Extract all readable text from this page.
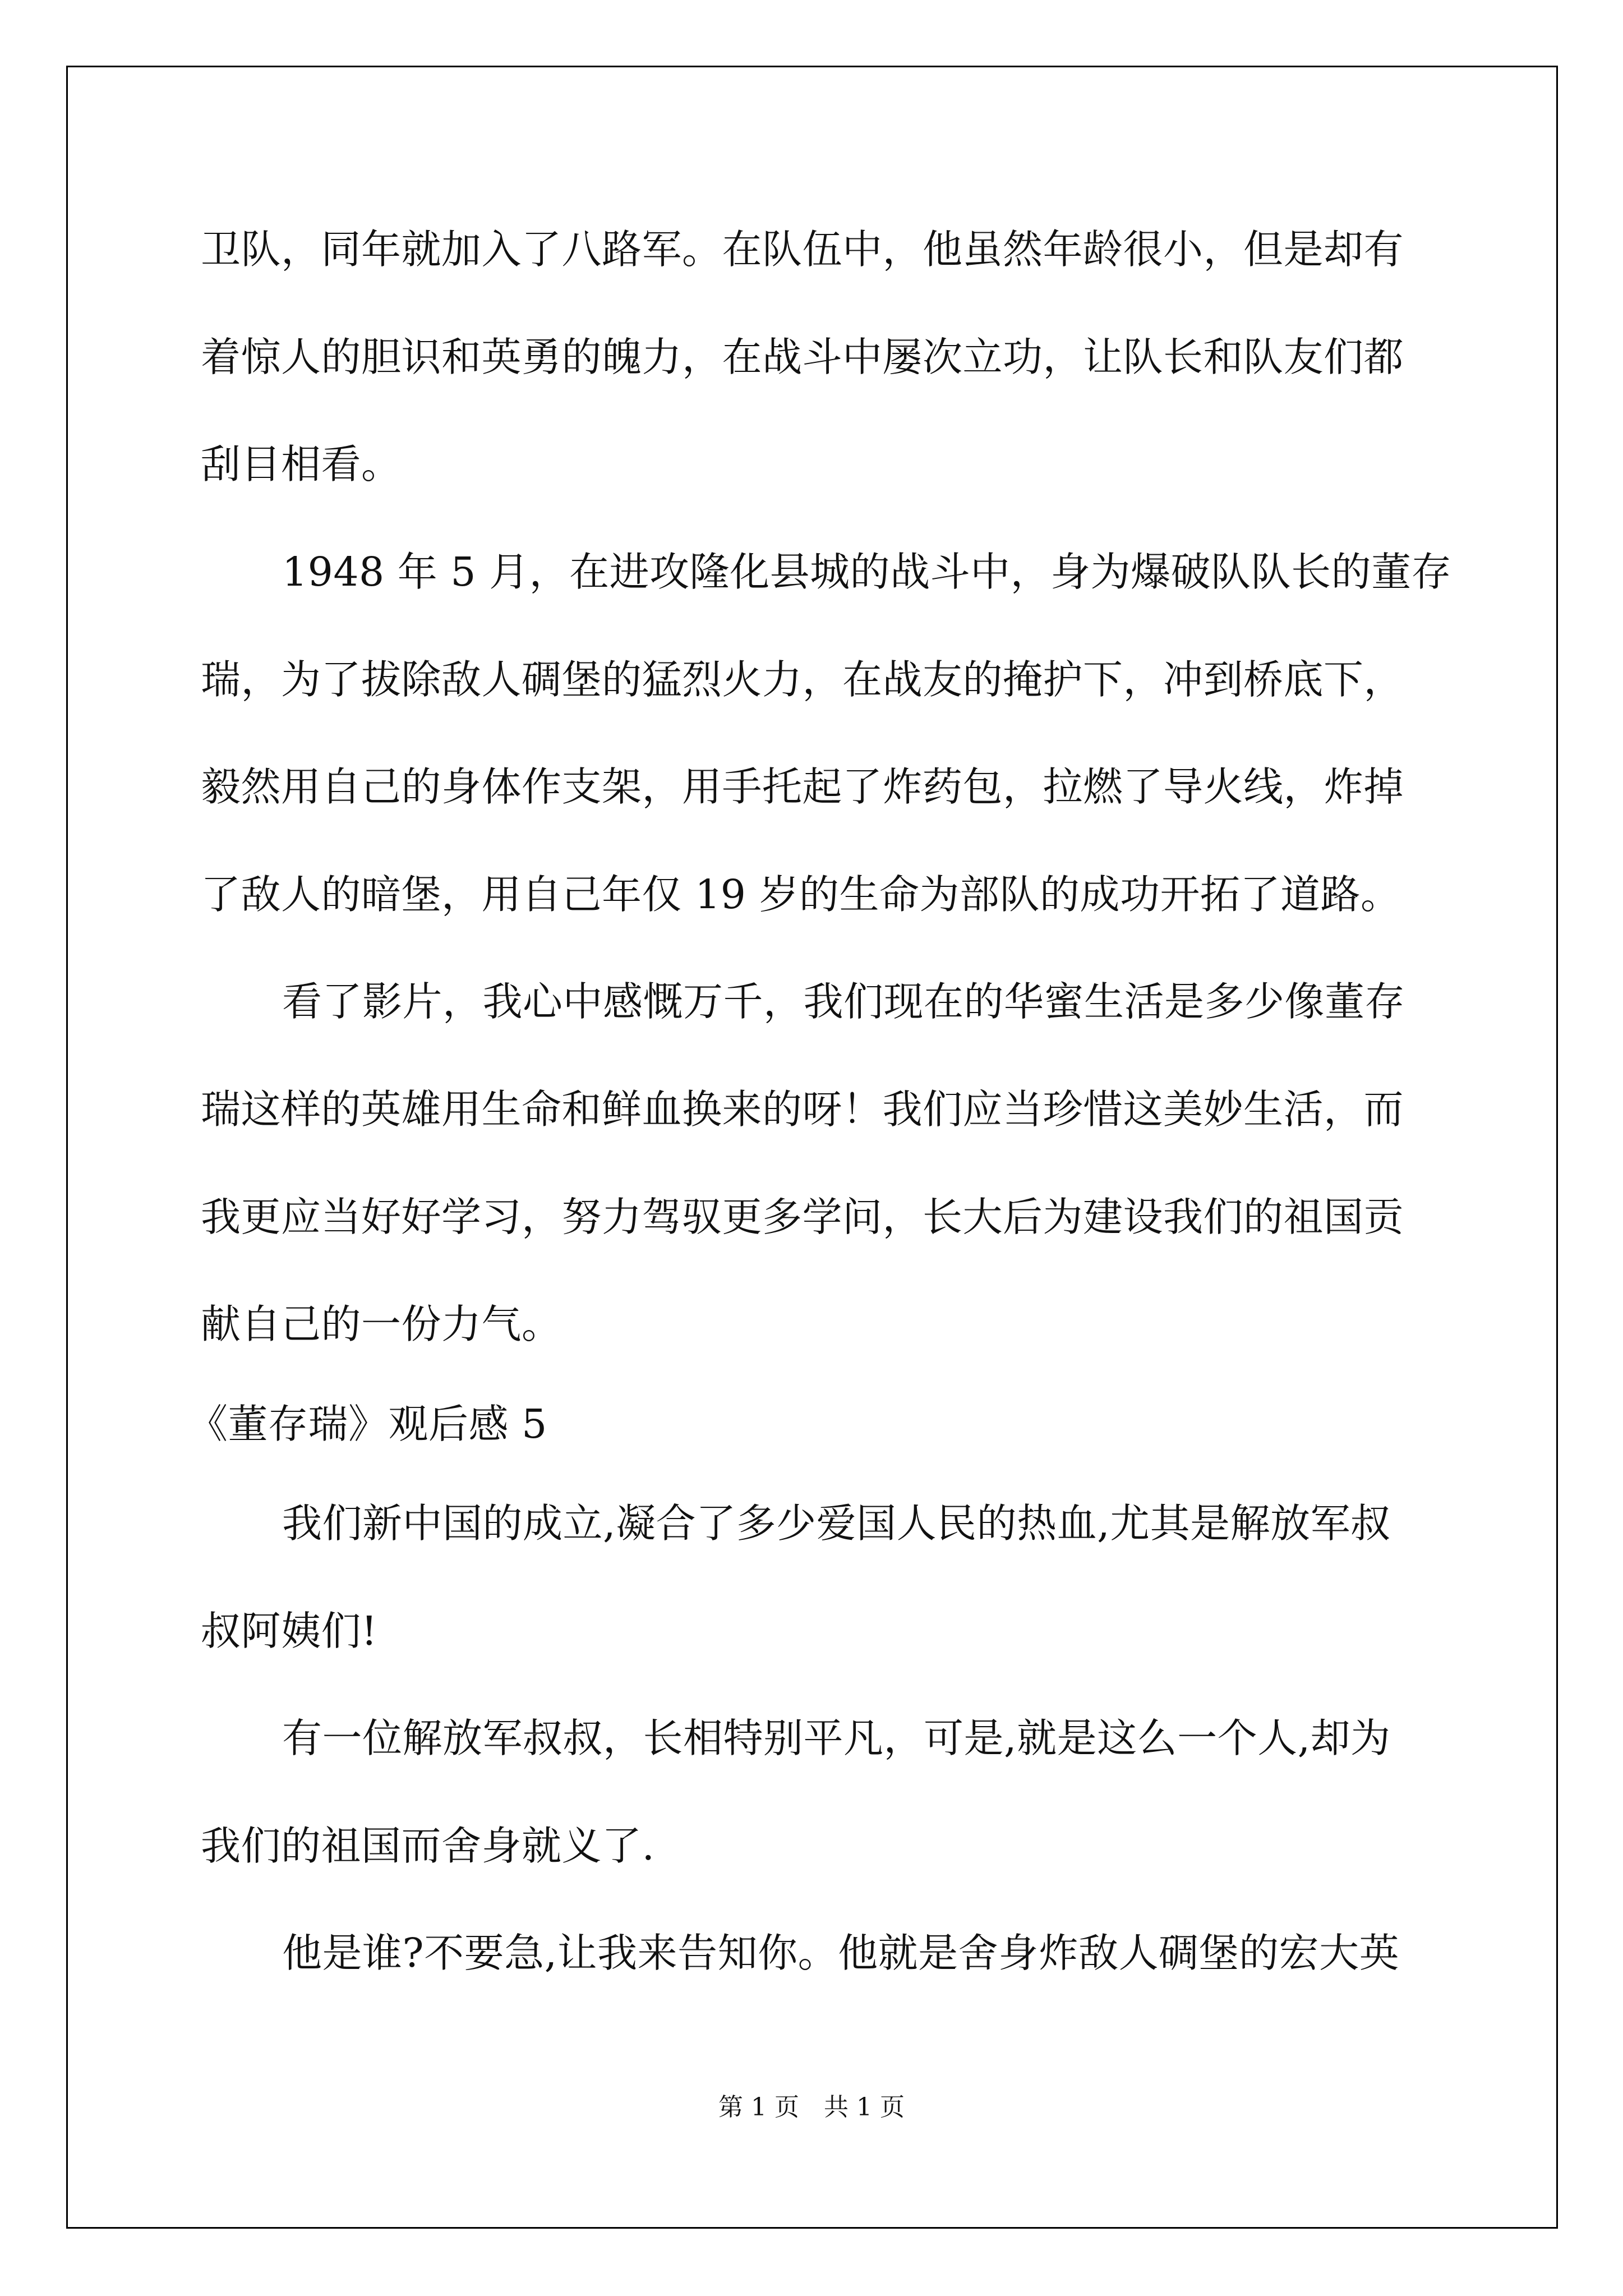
卫队，同年就加入了八路军。在队伍中，他虽然年龄很小，但是却有
着惊人的胆识和英勇的魄力，在战斗中屡次立功，让队长和队友们都
刮目相看。
1948 年 5 月，在进攻隆化县城的战斗中，身为爆破队队长的董存
瑞，为了拔除敌人碉堡的猛烈火力，在战友的掩护下，冲到桥底下，
毅然用自己的身体作支架，用手托起了炸药包，拉燃了导火线，炸掉
了敌人的暗堡，用自己年仅 19 岁的生命为部队的成功开拓了道路。
看了影片，我心中感慨万千，我们现在的华蜜生活是多少像董存
瑞这样的英雄用生命和鲜血换来的呀！我们应当珍惜这美妙生活，而
我更应当好好学习，努力驾驭更多学问，长大后为建设我们的祖国贡
献自己的一份力气。
《董存瑞》观后感 5
我们新中国的成立,凝合了多少爱国人民的热血,尤其是解放军叔
叔阿姨们!
有一位解放军叔叔，长相特别平凡，可是,就是这么一个人,却为
我们的祖国而舍身就义了.
他是谁?不要急,让我来告知你。他就是舍身炸敌人碉堡的宏大英
第 1 页　共 1 页
